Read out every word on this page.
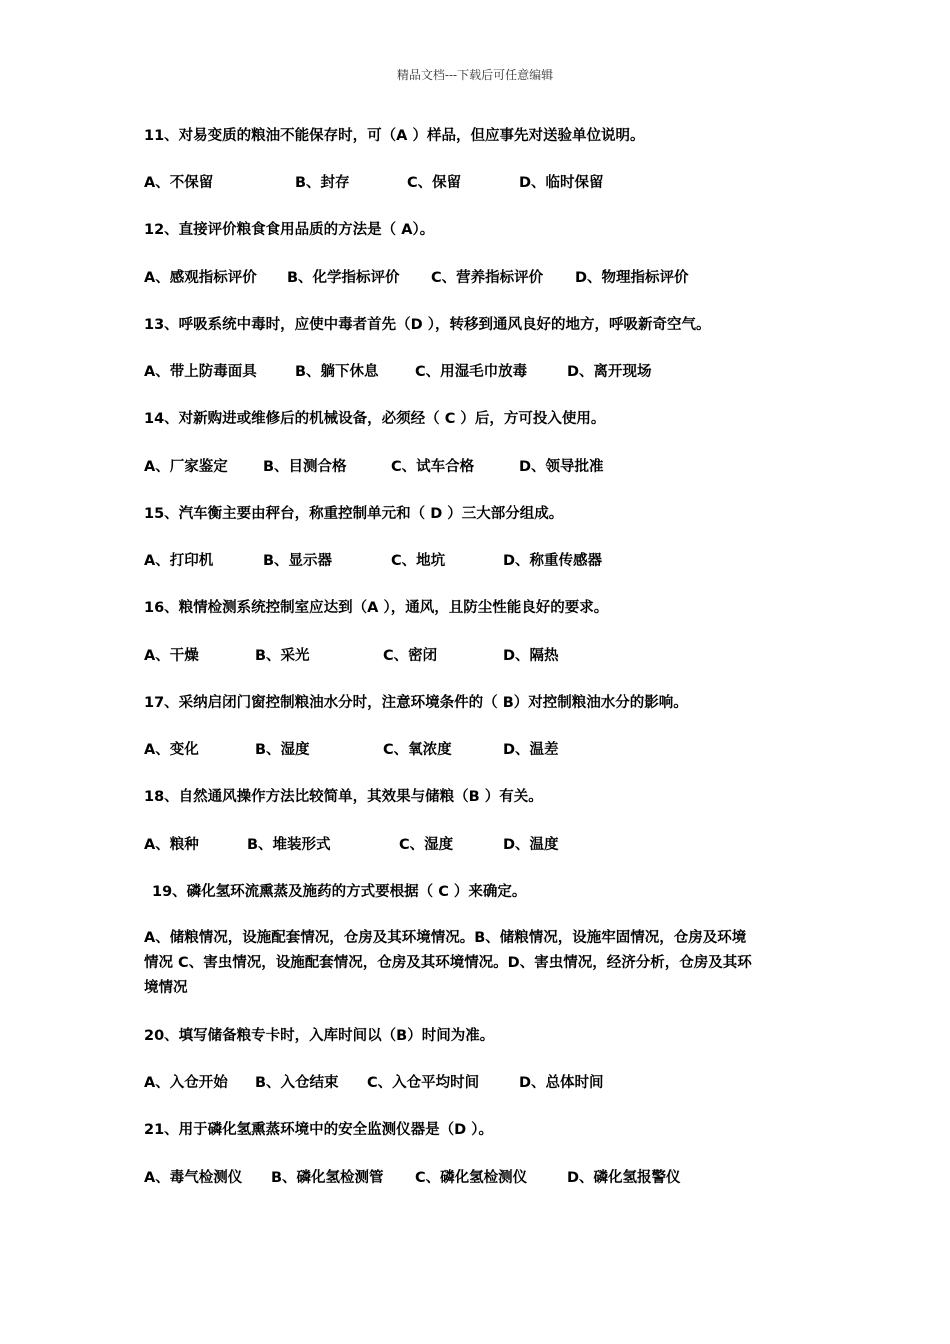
精品文档---下载后可任意编辑
11、对易变质的粮油不能保存时，可（A ）样品，但应事先对送验单位说明。
A、不保留	B、封存	C、保留	D、临时保留
12、直接评价粮食食用品质的方法是（ A）。
A、感观指标评价 B、化学指标评价 C、营养指标评价 D、物理指标评价
13、呼吸系统中毒时，应使中毒者首先（D ），转移到通风良好的地方，呼吸新奇空气。
A、带上防毒面具	B、躺下休息	C、用湿毛巾放毒	D、离开现场
14、对新购进或维修后的机械设备，必须经（ C ）后，方可投入使用。
A、厂家鉴定 B、目测合格	C、试车合格	D、领导批准
15、汽车衡主要由秤台，称重控制单元和（ D ）三大部分组成。
A、打印机	B、显示器	C、地坑	D、称重传感器
16、粮情检测系统控制室应达到（A ），通风，且防尘性能良好的要求。
A、干燥	B、采光	C、密闭	D、隔热
17、采纳启闭门窗控制粮油水分时，注意环境条件的（ B）对控制粮油水分的影响。
A、变化	B、湿度	C、氧浓度	D、温差
18、自然通风操作方法比较简单，其效果与储粮（B ）有关。
A、粮种	B、堆装形式	C、湿度	D、温度
19、磷化氢环流熏蒸及施药的方式要根据（ C ）来确定。
A、储粮情况，设施配套情况，仓房及其环境情况。B、储粮情况，设施牢固情况，仓房及环境
情况 C、害虫情况，设施配套情况，仓房及其环境情况。D、害虫情况，经济分析，仓房及其环
境情况
20、填写储备粮专卡时，入库时间以（B）时间为准。
A、入仓开始 B、入仓结束 C、入仓平均时间	D、总体时间
21、用于磷化氢熏蒸环境中的安全监测仪器是（D ）。
A、毒气检测仪 B、磷化氢检测管 C、磷化氢检测仪	D、磷化氢报警仪
